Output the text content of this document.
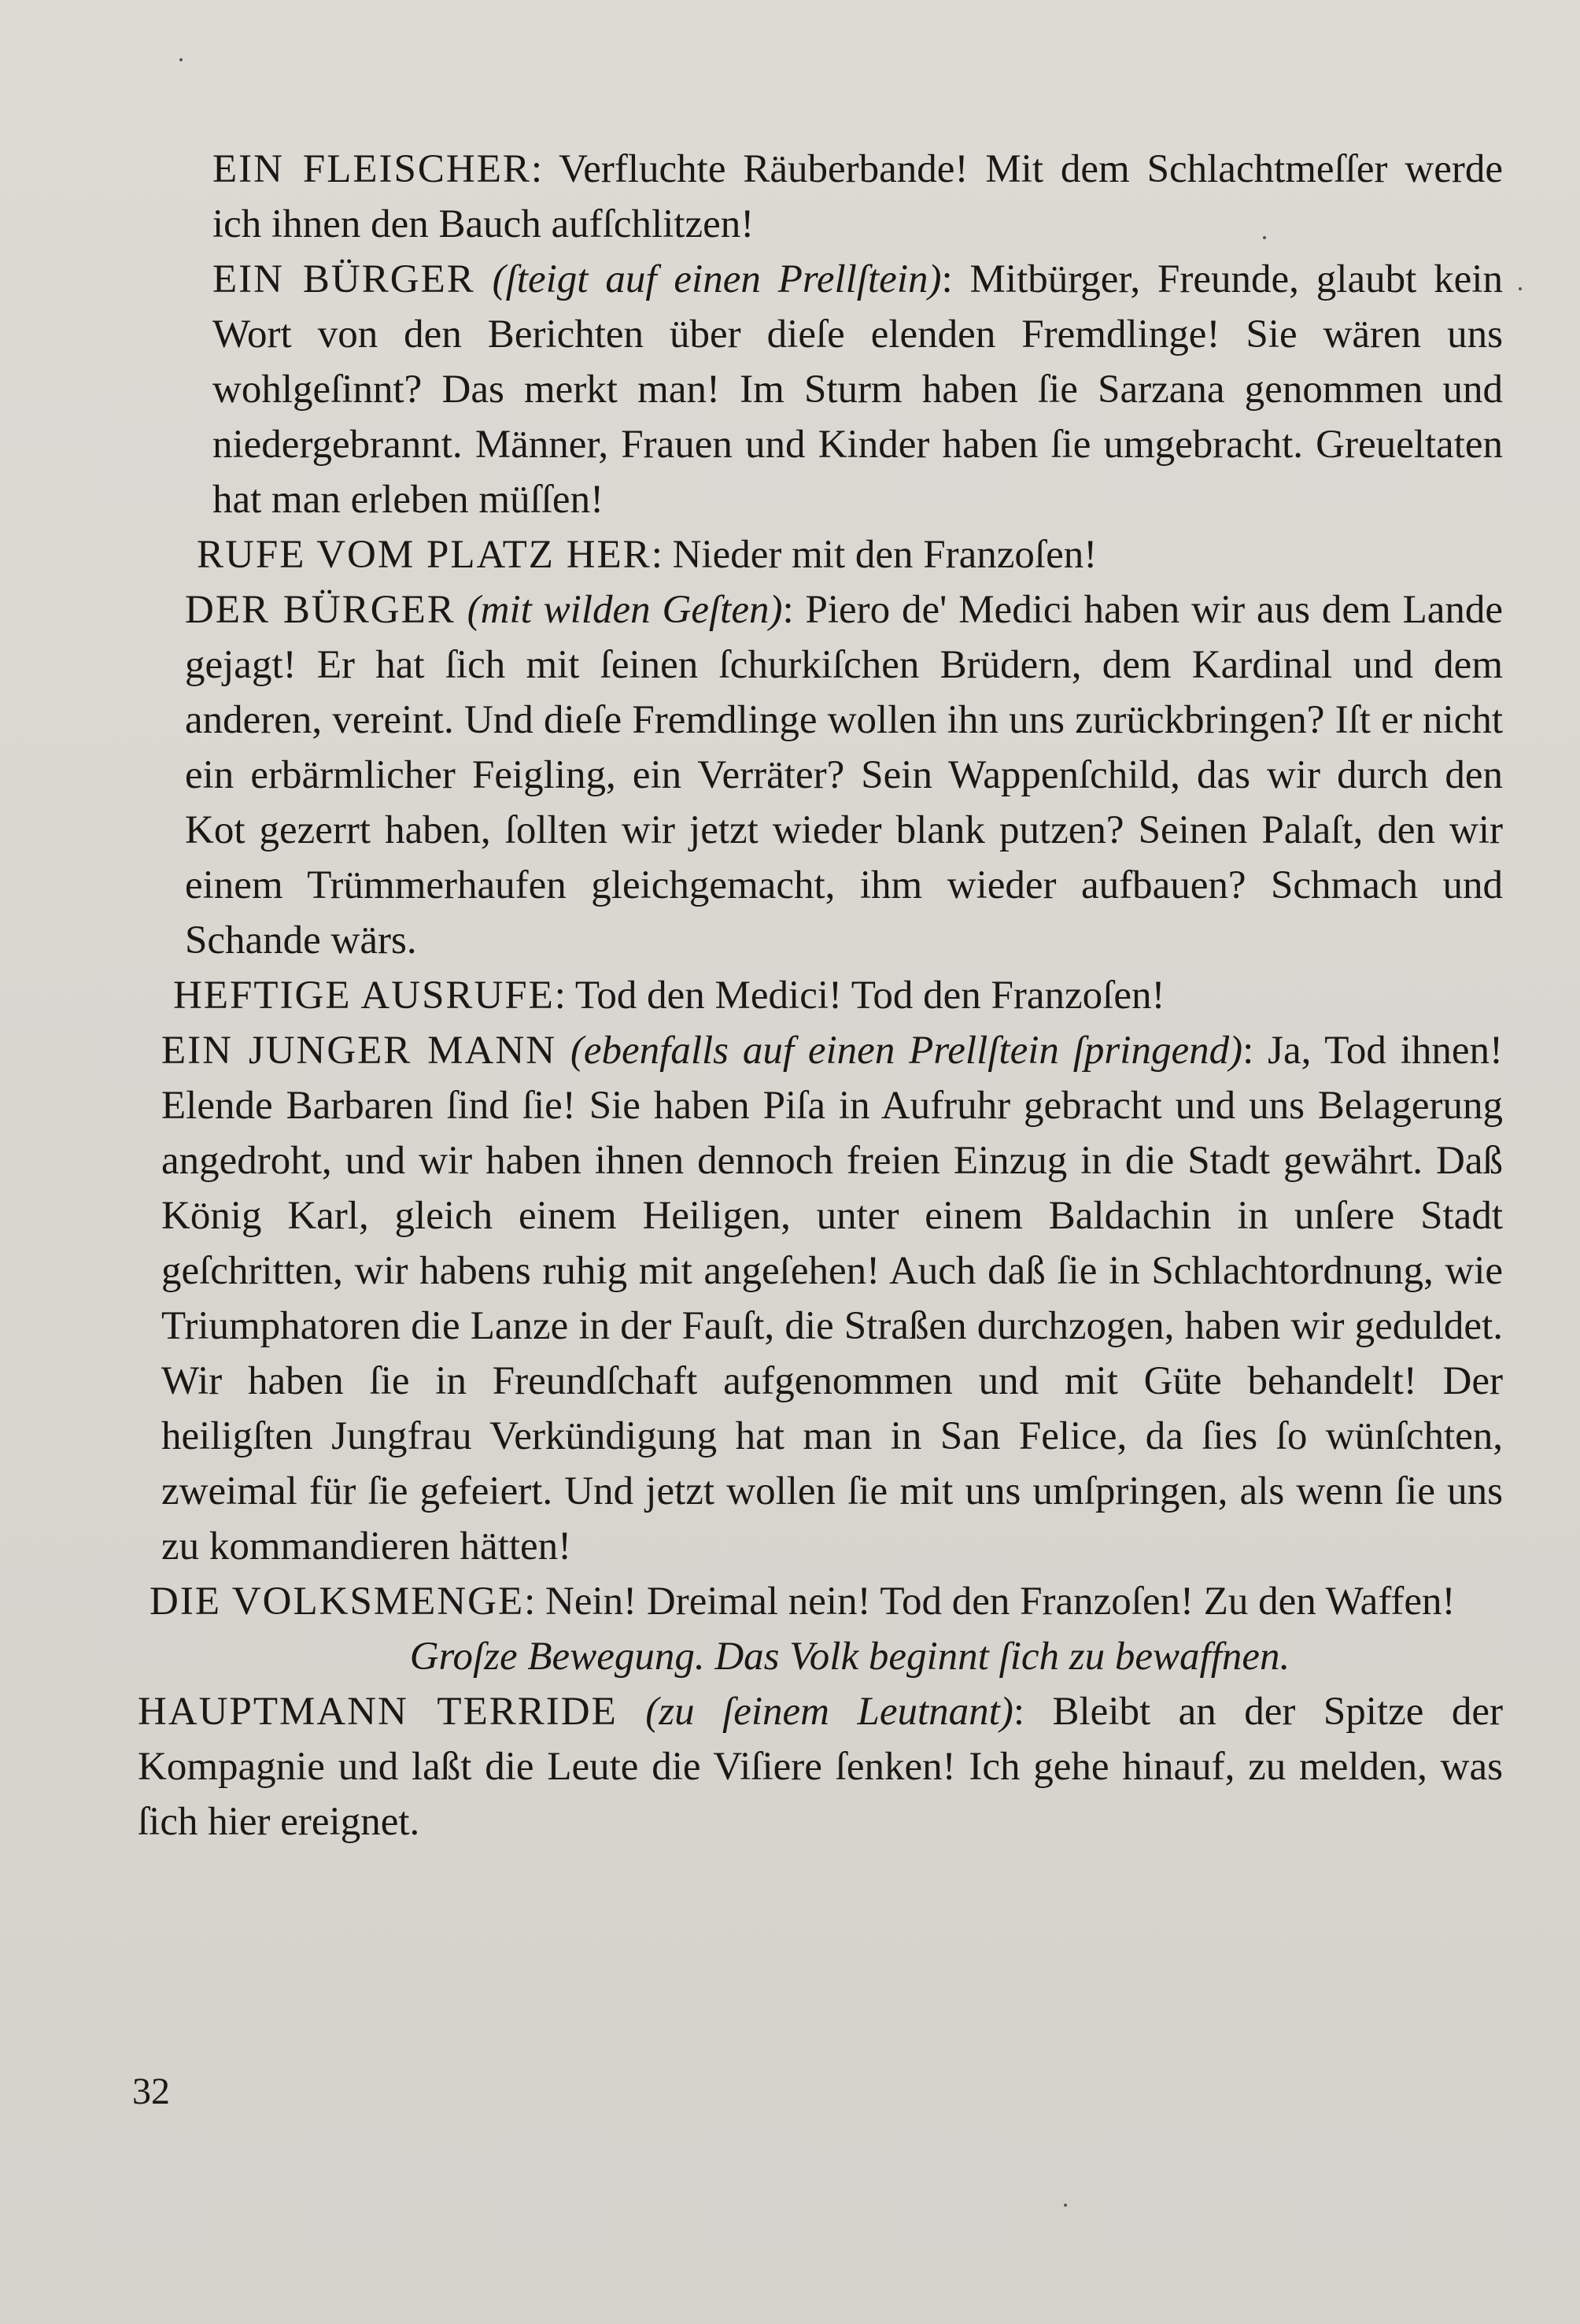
EIN FLEISCHER: Verfluchte Räuberbande! Mit dem Schlachtmeſſer werde ich ihnen den Bauch aufſchlitzen!

EIN BÜRGER (ſteigt auf einen Prellſtein): Mitbürger, Freunde, glaubt kein Wort von den Berichten über dieſe elenden Fremdlinge! Sie wären uns wohlgeſinnt? Das merkt man! Im Sturm haben ſie Sarzana genommen und niedergebrannt. Männer, Frauen und Kinder haben ſie umgebracht. Greueltaten hat man erleben müſſen!

RUFE VOM PLATZ HER: Nieder mit den Franzoſen!

DER BÜRGER (mit wilden Geſten): Piero de' Medici haben wir aus dem Lande gejagt! Er hat ſich mit ſeinen ſchurkiſchen Brüdern, dem Kardinal und dem anderen, vereint. Und dieſe Fremdlinge wollen ihn uns zurückbringen? Iſt er nicht ein erbärmlicher Feigling, ein Verräter? Sein Wappenſchild, das wir durch den Kot gezerrt haben, ſollten wir jetzt wieder blank putzen? Seinen Palaſt, den wir einem Trümmerhaufen gleichgemacht, ihm wieder aufbauen? Schmach und Schande wärs.

HEFTIGE AUSRUFE: Tod den Medici! Tod den Franzoſen!

EIN JUNGER MANN (ebenfalls auf einen Prellſtein ſpringend): Ja, Tod ihnen! Elende Barbaren ſind ſie! Sie haben Piſa in Aufruhr gebracht und uns Belagerung angedroht, und wir haben ihnen dennoch freien Einzug in die Stadt gewährt. Daß König Karl, gleich einem Heiligen, unter einem Baldachin in unſere Stadt geſchritten, wir habens ruhig mit angeſehen! Auch daß ſie in Schlachtordnung, wie Triumphatoren die Lanze in der Fauſt, die Straßen durchzogen, haben wir geduldet. Wir haben ſie in Freundſchaft aufgenommen und mit Güte behandelt! Der heiligſten Jungfrau Verkündigung hat man in San Felice, da ſies ſo wünſchten, zweimal für ſie gefeiert. Und jetzt wollen ſie mit uns umſpringen, als wenn ſie uns zu kommandieren hätten!

DIE VOLKSMENGE: Nein! Dreimal nein! Tod den Franzoſen! Zu den Waffen!

Groſze Bewegung. Das Volk beginnt ſich zu bewaffnen.

HAUPTMANN TERRIDE (zu ſeinem Leutnant): Bleibt an der Spitze der Kompagnie und laßt die Leute die Viſiere ſenken! Ich gehe hinauf, zu melden, was ſich hier ereignet.

32
